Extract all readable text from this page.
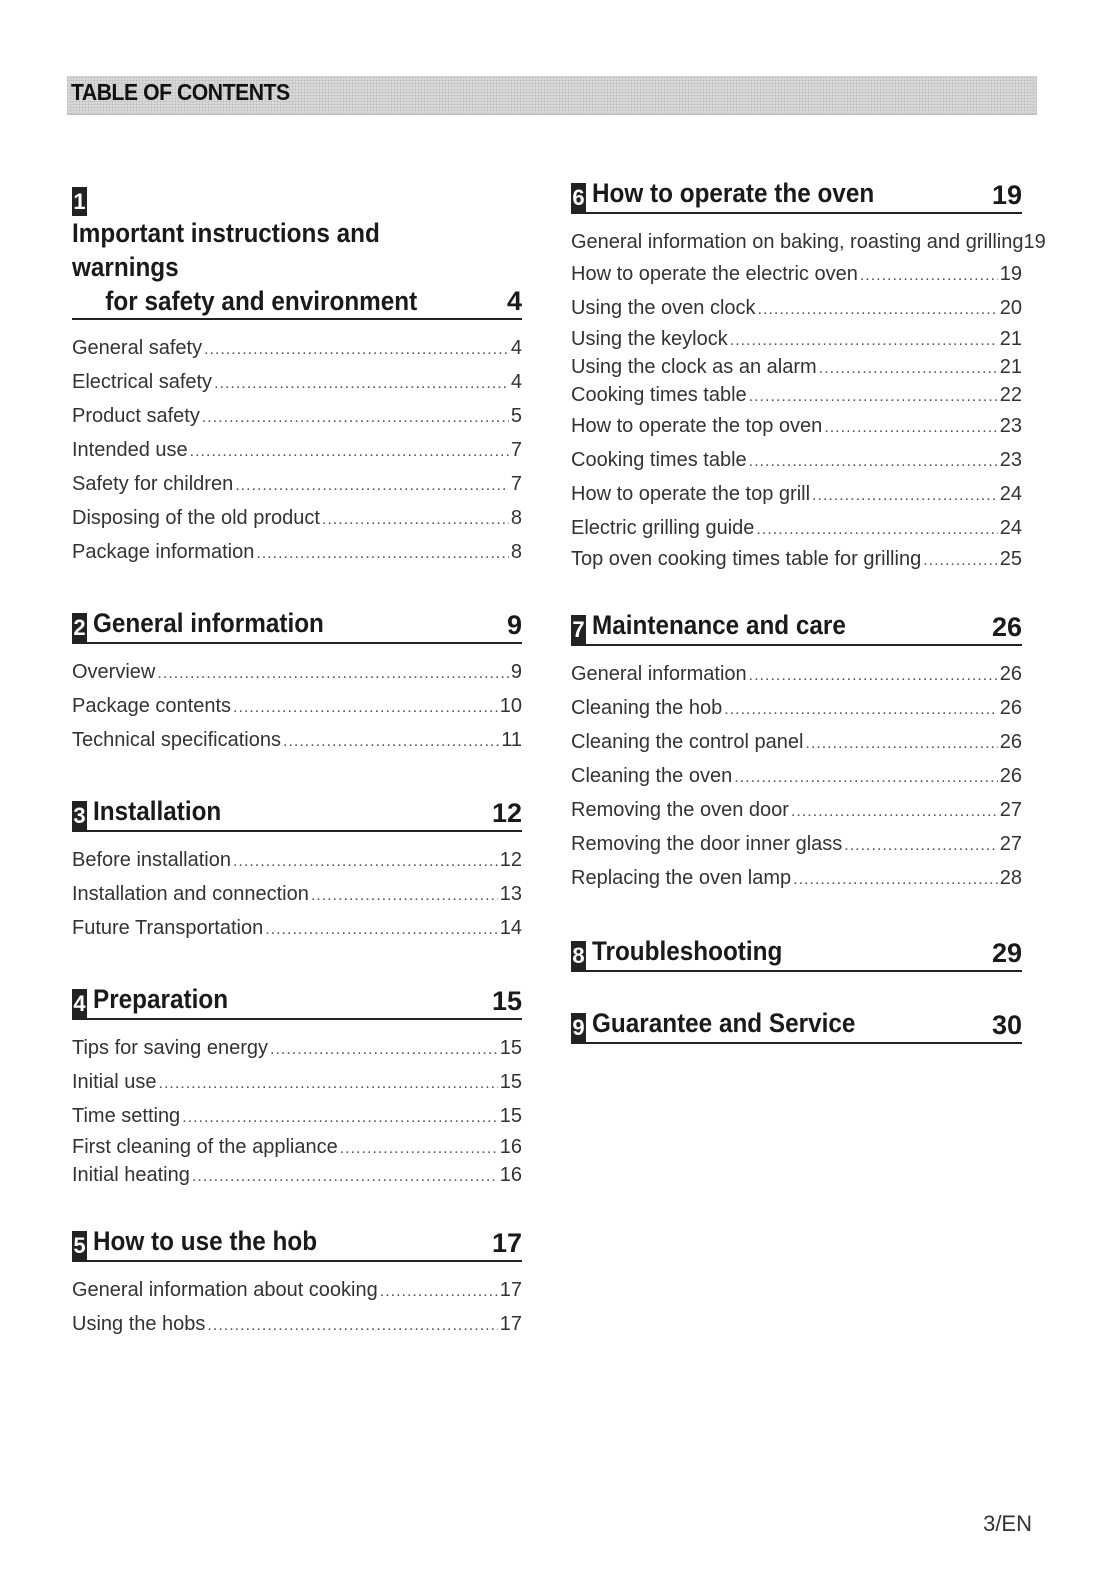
TABLE OF CONTENTS
1Important instructions and warnings
for safety and environment	4
General safety .....	4
Electrical safety .....	4
Product safety .....	5
Intended use .....	7
Safety for children .....	7
Disposing of the old product .....	8
Package information .....	8
2 General information	9
Overview .....	9
Package contents .....	10
Technical specifications .....	11
3 Installation	12
Before installation .....	12
Installation and connection .....	13
Future Transportation .....	14
4 Preparation	15
Tips for saving energy .....	15
Initial use .....	15
Time setting .....	15
First cleaning of the appliance .....	16
Initial heating .....	16
5 How to use the hob	17
General information about cooking .....	17
Using the hobs .....	17
6 How to operate the oven	19
General information on baking, roasting and grilling 19
How to operate the electric oven .....	19
Using the oven clock .....	20
Using the keylock .....	21
Using the clock as an alarm .....	21
Cooking times table .....	22
How to operate the top oven .....	23
Cooking times table .....	23
How to operate the top grill .....	24
Electric grilling guide .....	24
Top oven cooking times table for grilling .....	25
7 Maintenance and care	26
General information .....	26
Cleaning the hob .....	26
Cleaning the control panel .....	26
Cleaning the oven .....	26
Removing the oven door .....	27
Removing the door inner glass .....	27
Replacing the oven lamp .....	28
8 Troubleshooting	29
9 Guarantee and Service	30
3/EN
